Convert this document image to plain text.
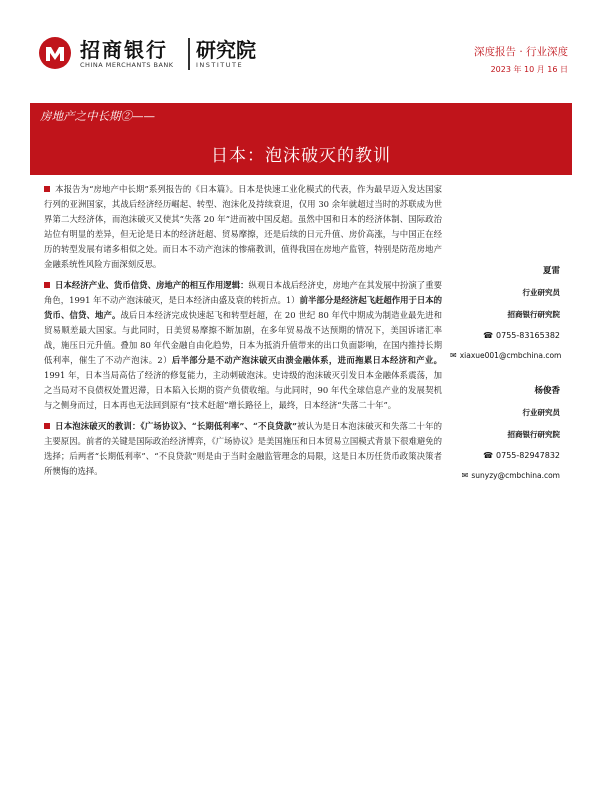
招商银行
CHINA MERCHANTS BANK
研究院
INSTITUTE
深度报告 · 行业深度
2023 年 10 月 16 日
房地产之中长期②——
日本：泡沫破灭的教训

本报告为“房地产中长期”系列报告的《日本篇》。日本是快速工业化模式的代表，作为最早迈入发达国家行列的亚洲国家，其战后经济经历崛起、转型、泡沫化及持续衰退，仅用 30 余年就超过当时的苏联成为世界第二大经济体，而泡沫破灭又使其“失落 20 年”进而被中国反超。虽然中国和日本的经济体制、国际政治站位有明显的差异，但无论是日本的经济赶超、贸易摩擦，还是后续的日元升值、房价高涨，与中国正在经历的转型发展有诸多相似之处。而日本不动产泡沫的惨痛教训，值得我国在房地产监管，特别是防范房地产金融系统性风险方面深刻反思。

日本经济产业、货币信贷、房地产的相互作用逻辑：纵观日本战后经济史，房地产在其发展中扮演了重要角色，1991 年不动产泡沫破灭，是日本经济由盛及衰的转折点。1）前半部分是经济起飞赶超作用于日本的货币、信贷、地产。战后日本经济完成快速起飞和转型赶超，在 20 世纪 80 年代中期成为制造业最先进和贸易顺差最大国家。与此同时，日美贸易摩擦不断加剧，在多年贸易战不达预期的情况下，美国诉诸汇率战，施压日元升值。叠加 80 年代金融自由化趋势，日本为抵消升值带来的出口负面影响，在国内推持长期低利率，催生了不动产泡沫。2）后半部分是不动产泡沫破灭由溃金融体系，进而拖累日本经济和产业。1991 年，日本当局高估了经济的修复能力，主动刺破泡沫。史诗级的泡沫破灭引发日本金融体系震荡，加之当局对不良债权处置迟滞，日本陷入长期的资产负债收缩。与此同时，90 年代全球信息产业的发展契机与之侧身而过，日本再也无法回到原有“技术赶超”增长路径上，最终，日本经济“失落二十年”。

日本泡沫破灭的教训：《广场协议》、“长期低利率”、“不良贷款”被认为是日本泡沫破灭和失落二十年的主要原因。前者的关键是国际政治经济博弈，《广场协议》是美国施压和日本贸易立国模式背景下很难避免的选择；后两者“长期低利率”、“不良贷款”则是由于当时金融监管理念的局限，这是日本历任货币政策决策者所懊悔的选择。

夏雷
行业研究员
招商银行研究院
☎ 0755-83165382
✉ xiaxue001@cmbchina.com
杨俊香
行业研究员
招商银行研究院
☎ 0755-82947832
✉ sunyzy@cmbchina.com
